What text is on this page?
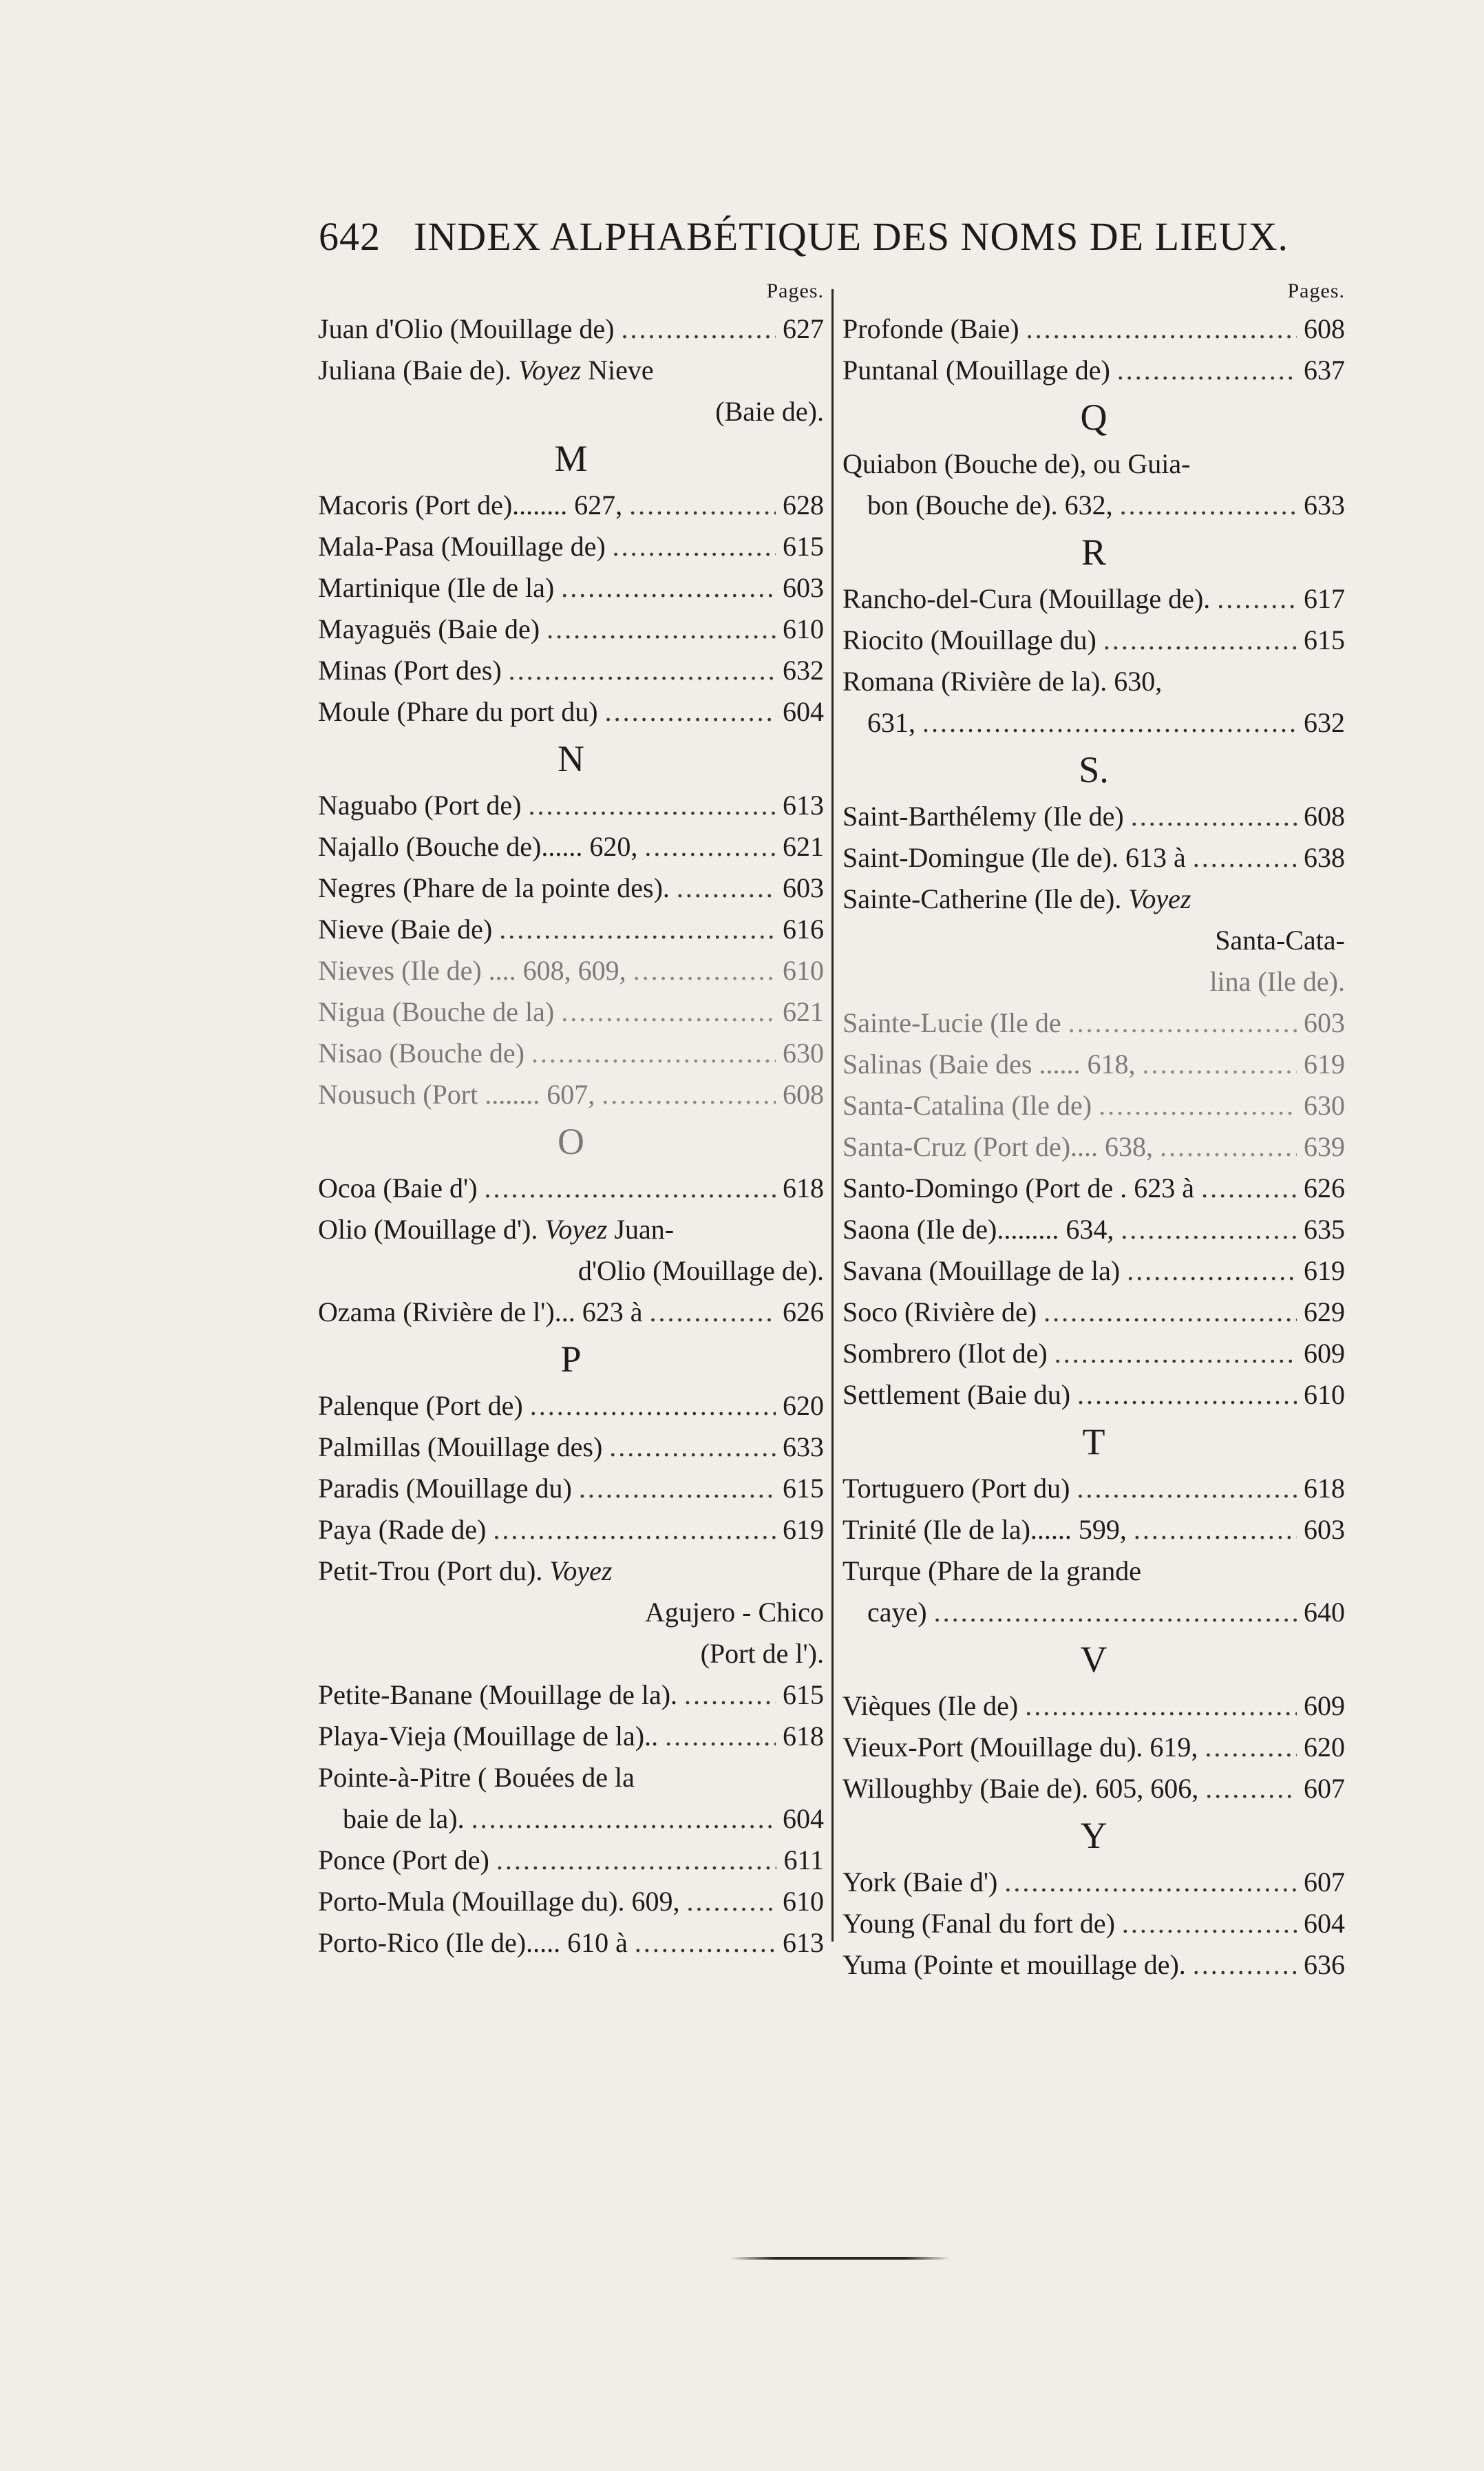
642 INDEX ALPHABÉTIQUE DES NOMS DE LIEUX.
Pages.
Juan d'Olio (Mouillage de) .....	627
Juliana (Baie de). Voyez Nieve
(Baie de).
M
Macoris (Port de)........ 627, .....	628
Mala-Pasa (Mouillage de) .....	615
Martinique (Ile de la) .....	603
Mayaguës (Baie de) .....	610
Minas (Port des) .....	632
Moule (Phare du port du) .....	604
N
Naguabo (Port de) .....	613
Najallo (Bouche de)...... 620, .....	621
Negres (Phare de la pointe des). .....	603
Nieve (Baie de) .....	616
Nieves (Ile de) .... 608, 609, .....	610
Nigua (Bouche de la) .....	621
Nisao (Bouche de) .....	630
Nousuch (Port ........ 607, .....	608
O
Ocoa (Baie d') .....	618
Olio (Mouillage d'). Voyez Juan-
d'Olio (Mouillage de).
Ozama (Rivière de l')... 623 à .....	626
P
Palenque (Port de) .....	620
Palmillas (Mouillage des) .....	633
Paradis (Mouillage du) .....	615
Paya (Rade de) .....	619
Petit-Trou (Port du). Voyez
Agujero - Chico
(Port de l').
Petite-Banane (Mouillage de la). .....	615
Playa-Vieja (Mouillage de la).. .....	618
Pointe-à-Pitre ( Bouées de la
baie de la). .....	604
Ponce (Port de) .....	611
Porto-Mula (Mouillage du). 609, .....	610
Porto-Rico (Ile de)..... 610 à .....	613
Pages.
Profonde (Baie) .....	608
Puntanal (Mouillage de) .....	637
Q
Quiabon (Bouche de), ou Guia-
bon (Bouche de). 632, .....	633
R
Rancho-del-Cura (Mouillage de). .....	617
Riocito (Mouillage du) .....	615
Romana (Rivière de la). 630,
631, .....	632
S.
Saint-Barthélemy (Ile de) .....	608
Saint-Domingue (Ile de). 613 à .....	638
Sainte-Catherine (Ile de). Voyez
Santa-Cata-
lina (Ile de).
Sainte-Lucie (Ile de .....	603
Salinas (Baie des ...... 618, .....	619
Santa-Catalina (Ile de) .....	630
Santa-Cruz (Port de).... 638, .....	639
Santo-Domingo (Port de . 623 à .....	626
Saona (Ile de)......... 634, .....	635
Savana (Mouillage de la) .....	619
Soco (Rivière de) .....	629
Sombrero (Ilot de) .....	609
Settlement (Baie du) .....	610
T
Tortuguero (Port du) .....	618
Trinité (Ile de la)...... 599, .....	603
Turque (Phare de la grande
caye) .....	640
V
Vièques (Ile de) .....	609
Vieux-Port (Mouillage du). 619, .....	620
Willoughby (Baie de). 605, 606, .....	607
Y
York (Baie d') .....	607
Young (Fanal du fort de) .....	604
Yuma (Pointe et mouillage de). .....	636
